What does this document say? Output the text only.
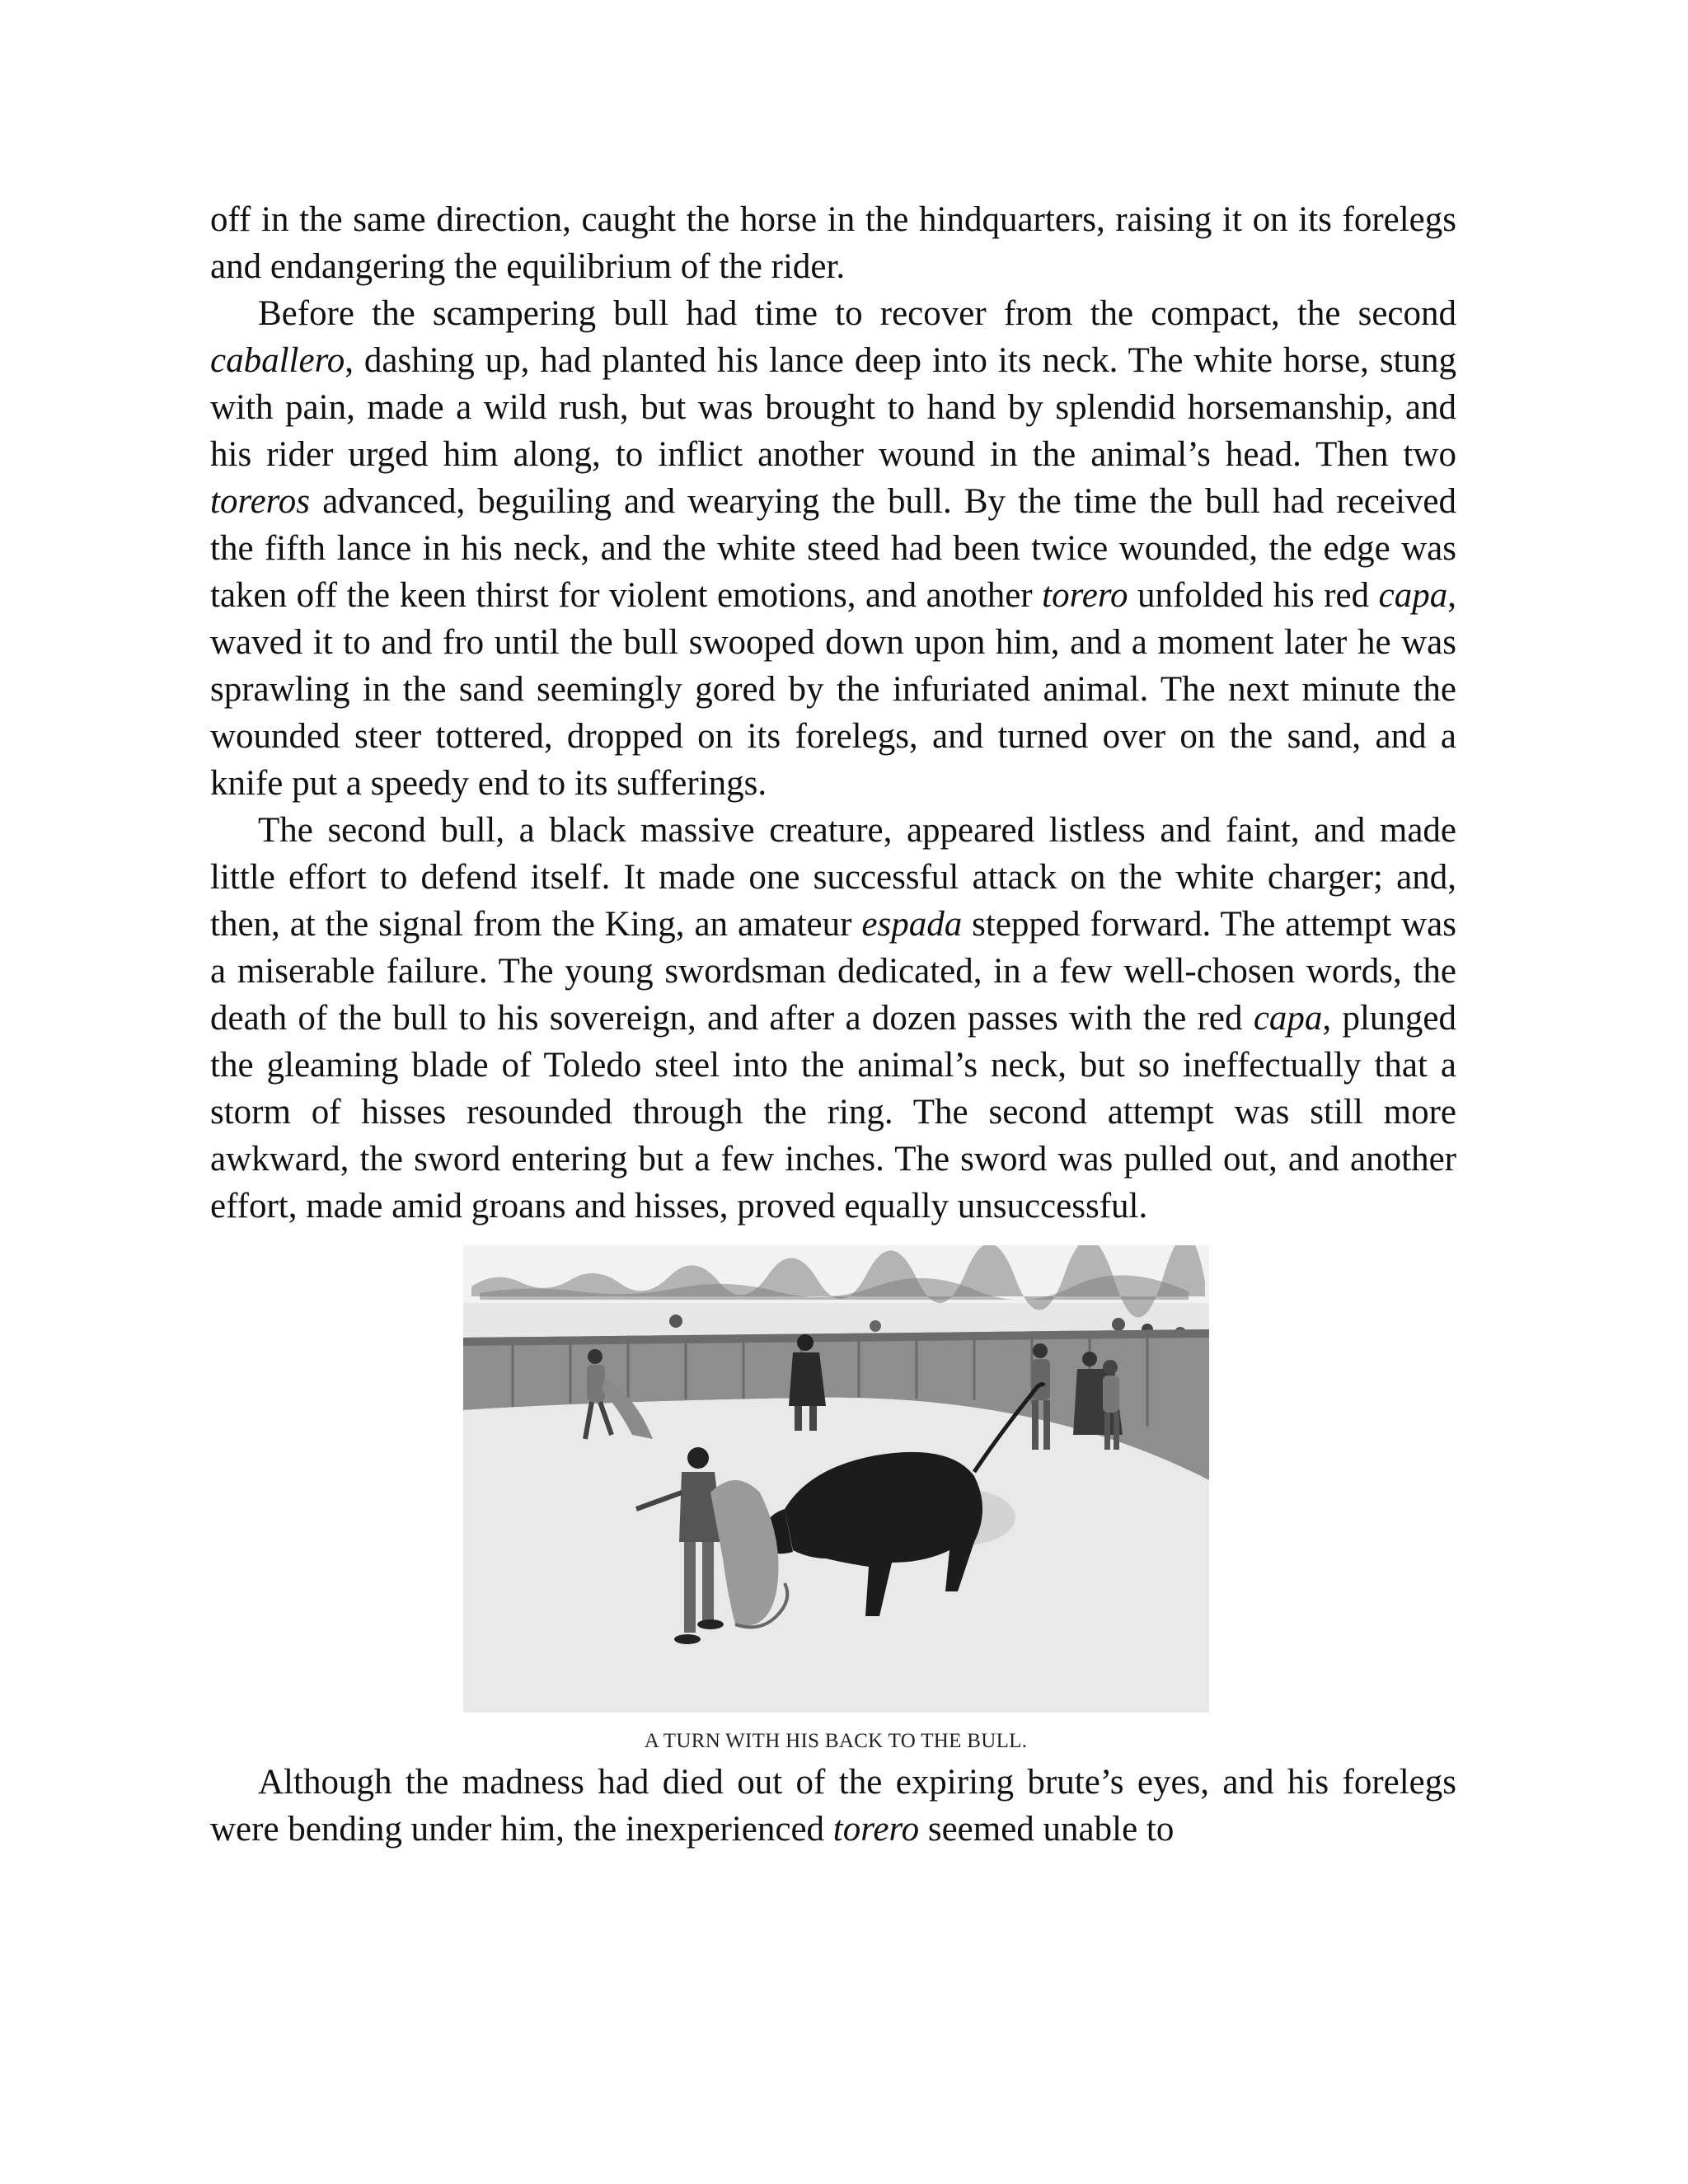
off in the same direction, caught the horse in the hindquarters, raising it on its forelegs and endangering the equilibrium of the rider.

Before the scampering bull had time to recover from the compact, the second caballero, dashing up, had planted his lance deep into its neck. The white horse, stung with pain, made a wild rush, but was brought to hand by splendid horsemanship, and his rider urged him along, to inflict another wound in the animal’s head. Then two toreros advanced, beguiling and wearying the bull. By the time the bull had received the fifth lance in his neck, and the white steed had been twice wounded, the edge was taken off the keen thirst for violent emotions, and another torero unfolded his red capa, waved it to and fro until the bull swooped down upon him, and a moment later he was sprawling in the sand seemingly gored by the infuriated animal. The next minute the wounded steer tottered, dropped on its forelegs, and turned over on the sand, and a knife put a speedy end to its sufferings.

The second bull, a black massive creature, appeared listless and faint, and made little effort to defend itself. It made one successful attack on the white charger; and, then, at the signal from the King, an amateur espada stepped forward. The attempt was a miserable failure. The young swordsman dedicated, in a few well-chosen words, the death of the bull to his sovereign, and after a dozen passes with the red capa, plunged the gleaming blade of Toledo steel into the animal’s neck, but so ineffectually that a storm of hisses resounded through the ring. The second attempt was still more awkward, the sword entering but a few inches. The sword was pulled out, and another effort, made amid groans and hisses, proved equally unsuccessful.

A TURN WITH HIS BACK TO THE BULL.

Although the madness had died out of the expiring brute’s eyes, and his forelegs were bending under him, the inexperienced torero seemed unable to
